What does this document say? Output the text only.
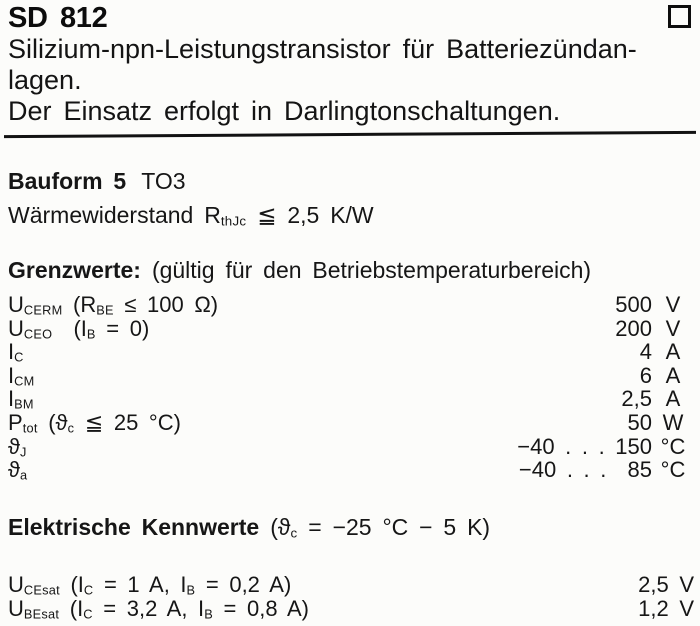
SD 812
Silizium-npn-Leistungstransistor für Batteriezündan-
lagen.
Der Einsatz erfolgt in Darlingtonschaltungen.
Bauform 5 TO3
Wärmewiderstand RthJc ≦ 2,5 K/W
Grenzwerte: (gültig für den Betriebstemperaturbereich)
UCERM (RBE ≤ 100 Ω)	500 V
UCEO  (IB = 0)	200 V
IC	4 A
ICM	6 A
IBM	2,5 A
Ptot (ϑc ≦ 25 °C)	50 W
ϑJ	−40 . . . 150 °C
ϑa	−40 . . .  85 °C
Elektrische Kennwerte (ϑc = −25 °C − 5 K)
UCEsat (IC = 1 A, IB = 0,2 A)	2,5 V
UBEsat (IC = 3,2 A, IB = 0,8 A)	1,2 V
